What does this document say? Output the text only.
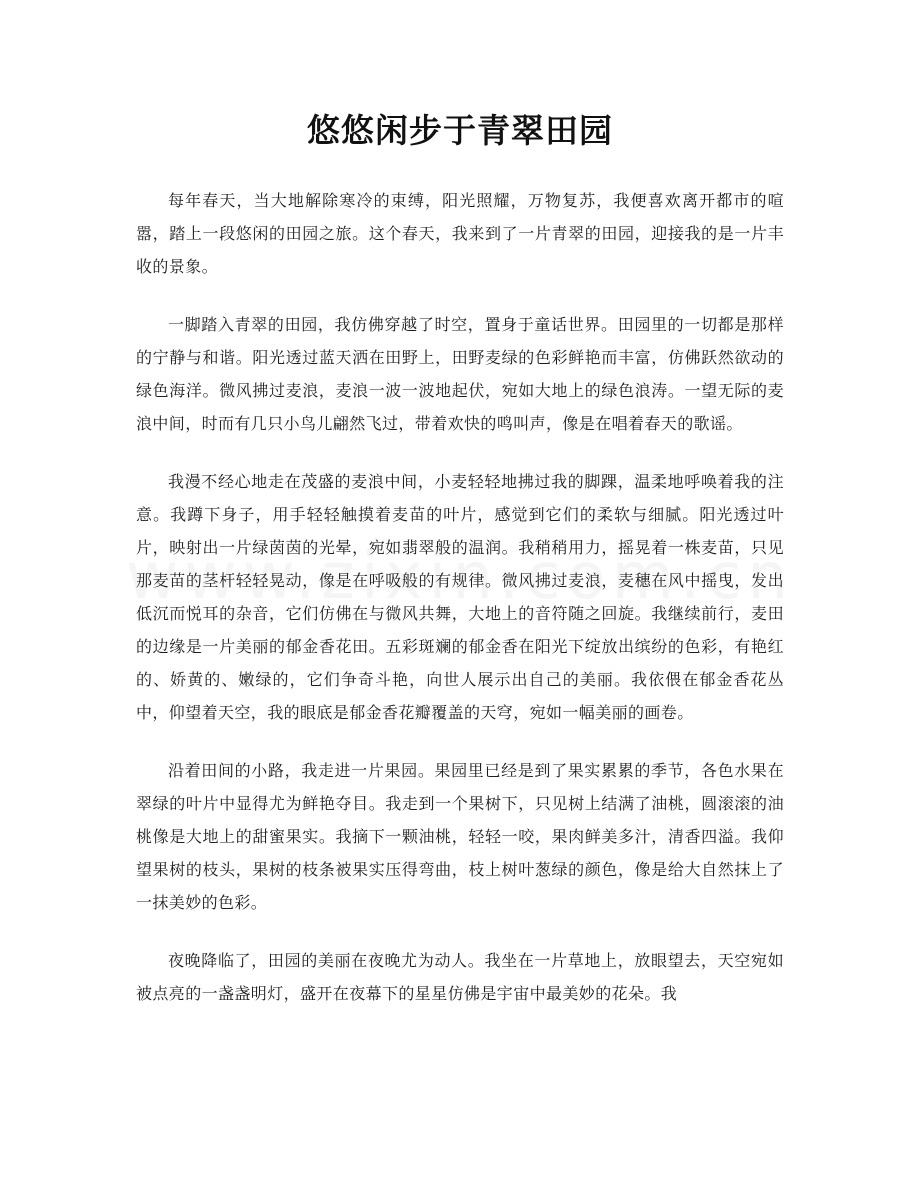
悠悠闲步于青翠田园

每年春天，当大地解除寒冷的束缚，阳光照耀，万物复苏，我便喜欢离开都市的喧嚣，踏上一段悠闲的田园之旅。这个春天，我来到了一片青翠的田园，迎接我的是一片丰收的景象。

一脚踏入青翠的田园，我仿佛穿越了时空，置身于童话世界。田园里的一切都是那样的宁静与和谐。阳光透过蓝天洒在田野上，田野麦绿的色彩鲜艳而丰富，仿佛跃然欲动的绿色海洋。微风拂过麦浪，麦浪一波一波地起伏，宛如大地上的绿色浪涛。一望无际的麦浪中间，时而有几只小鸟儿翩然飞过，带着欢快的鸣叫声，像是在唱着春天的歌谣。

我漫不经心地走在茂盛的麦浪中间，小麦轻轻地拂过我的脚踝，温柔地呼唤着我的注意。我蹲下身子，用手轻轻触摸着麦苗的叶片，感觉到它们的柔软与细腻。阳光透过叶片，映射出一片绿茵茵的光晕，宛如翡翠般的温润。我稍稍用力，摇晃着一株麦苗，只见那麦苗的茎杆轻轻晃动，像是在呼吸般的有规律。微风拂过麦浪，麦穗在风中摇曳，发出低沉而悦耳的杂音，它们仿佛在与微风共舞，大地上的音符随之回旋。我继续前行，麦田的边缘是一片美丽的郁金香花田。五彩斑斓的郁金香在阳光下绽放出缤纷的色彩，有艳红的、娇黄的、嫩绿的，它们争奇斗艳，向世人展示出自己的美丽。我依偎在郁金香花丛中，仰望着天空，我的眼底是郁金香花瓣覆盖的天穹，宛如一幅美丽的画卷。

沿着田间的小路，我走进一片果园。果园里已经是到了果实累累的季节，各色水果在翠绿的叶片中显得尤为鲜艳夺目。我走到一个果树下，只见树上结满了油桃，圆滚滚的油桃像是大地上的甜蜜果实。我摘下一颗油桃，轻轻一咬，果肉鲜美多汁，清香四溢。我仰望果树的枝头，果树的枝条被果实压得弯曲，枝上树叶葱绿的颜色，像是给大自然抹上了一抹美妙的色彩。

夜晚降临了，田园的美丽在夜晚尤为动人。我坐在一片草地上，放眼望去，天空宛如被点亮的一盏盏明灯，盛开在夜幕下的星星仿佛是宇宙中最美妙的花朵。我
